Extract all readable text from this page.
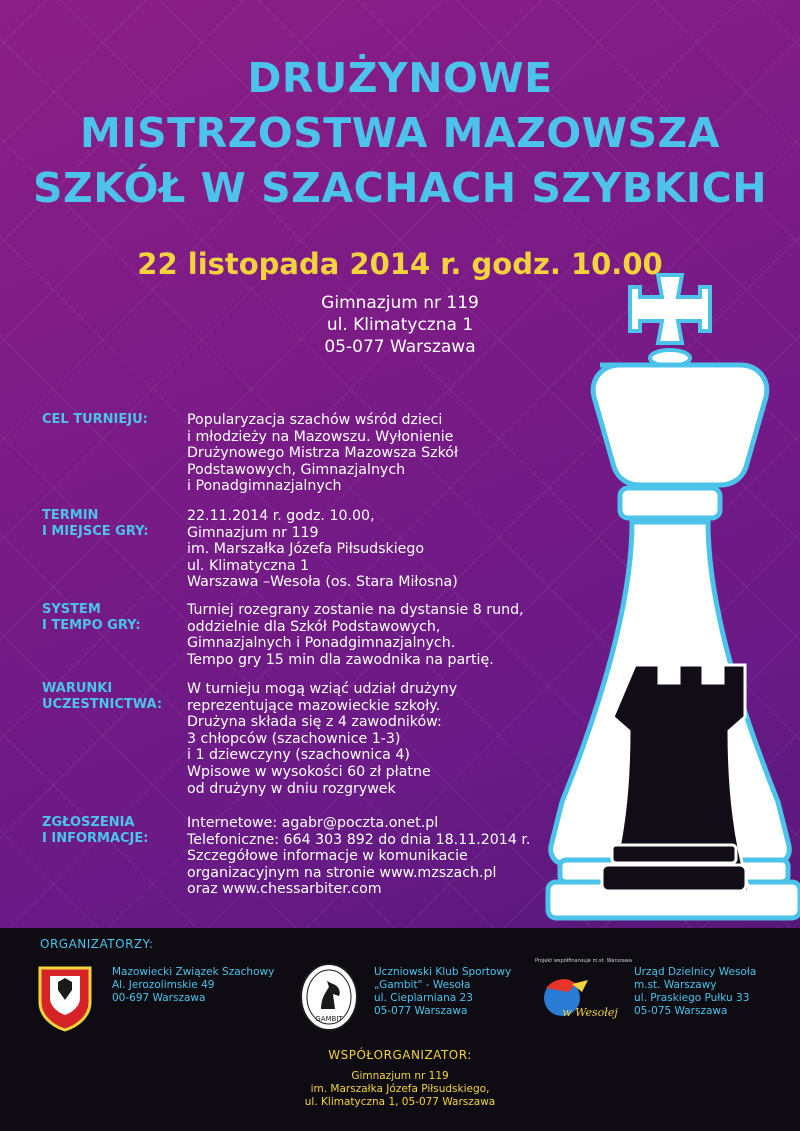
DRUŻYNOWE
MISTRZOSTWA MAZOWSZA
SZKÓŁ W SZACHACH SZYBKICH
22 listopada 2014 r. godz. 10.00
Gimnazjum nr 119
ul. Klimatyczna 1
05-077 Warszawa
CEL TURNIEJU:	Popularyzacja szachów wśród dzieci
i młodzieży na Mazowszu. Wyłonienie
Drużynowego Mistrza Mazowsza Szkół
Podstawowych, Gimnazjalnych
i Ponadgimnazjalnych
TERMIN
I MIEJSCE GRY:
22.11.2014 r. godz. 10.00,
Gimnazjum nr 119
im. Marszałka Józefa Piłsudskiego
ul. Klimatyczna 1
Warszawa –Wesoła (os. Stara Miłosna)
SYSTEM
I TEMPO GRY:
Turniej rozegrany zostanie na dystansie 8 rund,
oddzielnie dla Szkół Podstawowych,
Gimnazjalnych i Ponadgimnazjalnych.
Tempo gry 15 min dla zawodnika na partię.
WARUNKI
UCZESTNICTWA:
W turnieju mogą wziąć udział drużyny
reprezentujące mazowieckie szkoły.
Drużyna składa się z 4 zawodników:
3 chłopców (szachownice 1-3)
i 1 dziewczyny (szachownica 4)
Wpisowe w wysokości 60 zł płatne
od drużyny w dniu rozgrywek
ZGŁOSZENIA
I INFORMACJE:
Internetowe: agabr@poczta.onet.pl
Telefoniczne: 664 303 892 do dnia 18.11.2014 r.
Szczegółowe informacje w komunikacie
organizacyjnym na stronie www.mzszach.pl
oraz www.chessarbiter.com
ORGANIZATORZY:
Mazowiecki Związek Szachowy
Al. Jerozolimskie 49
00-697 Warszawa
GAMBIT
Uczniowski Klub Sportowy
„Gambit" - Wesoła
ul. Cieplarniana 23
05-077 Warszawa
Projekt współfinansuje m.st. Warszawa
w Wesołej
Urząd Dzielnicy Wesoła
m.st. Warszawy
ul. Praskiego Pułku 33
05-075 Warszawa
WSPÓŁORGANIZATOR:
Gimnazjum nr 119
im. Marszałka Józefa Piłsudskiego,
ul. Klimatyczna 1, 05-077 Warszawa
